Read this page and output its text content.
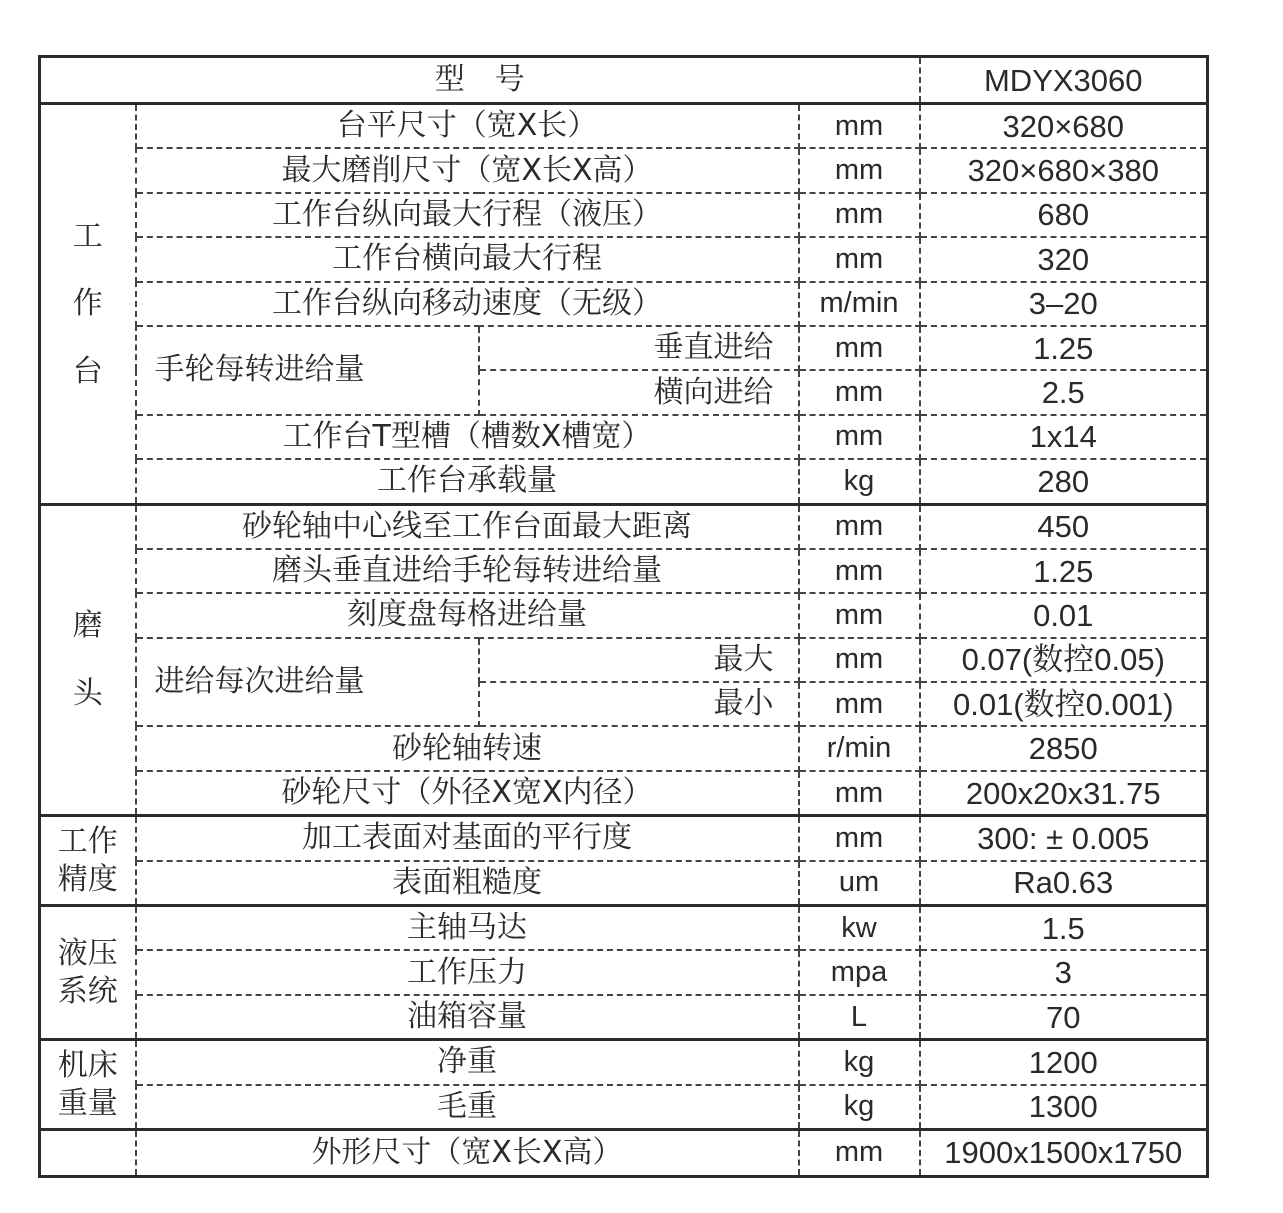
型　号				MDYX3060

工
作
台	台平尺寸（宽X长）		mm	320×680
	最大磨削尺寸（宽X长X高）		mm	320×680×380
	工作台纵向最大行程（液压）		mm	680
	工作台横向最大行程		mm	320
	工作台纵向移动速度（无级）		m/min	3–20
	手轮每转进给量	垂直进给	mm	1.25
		横向进给	mm	2.5
	工作台T型槽（槽数X槽宽）		mm	1x14
	工作台承载量		kg	280

磨
头	砂轮轴中心线至工作台面最大距离		mm	450
	磨头垂直进给手轮每转进给量		mm	1.25
	刻度盘每格进给量		mm	0.01
	进给每次进给量	最大	mm	0.07(数控0.05)
		最小	mm	0.01(数控0.001)
	砂轮轴转速		r/min	2850
	砂轮尺寸（外径X宽X内径）		mm	200x20x31.75
工作
精度	加工表面对基面的平行度		mm	300: ± 0.005
	表面粗糙度		um	Ra0.63
液压
系统	主轴马达		kw	1.5
	工作压力		mpa	3
	油箱容量		L	70
机床
重量	净重		kg	1200
	毛重		kg	1300
	外形尺寸（宽X长X高）		mm	1900x1500x1750
